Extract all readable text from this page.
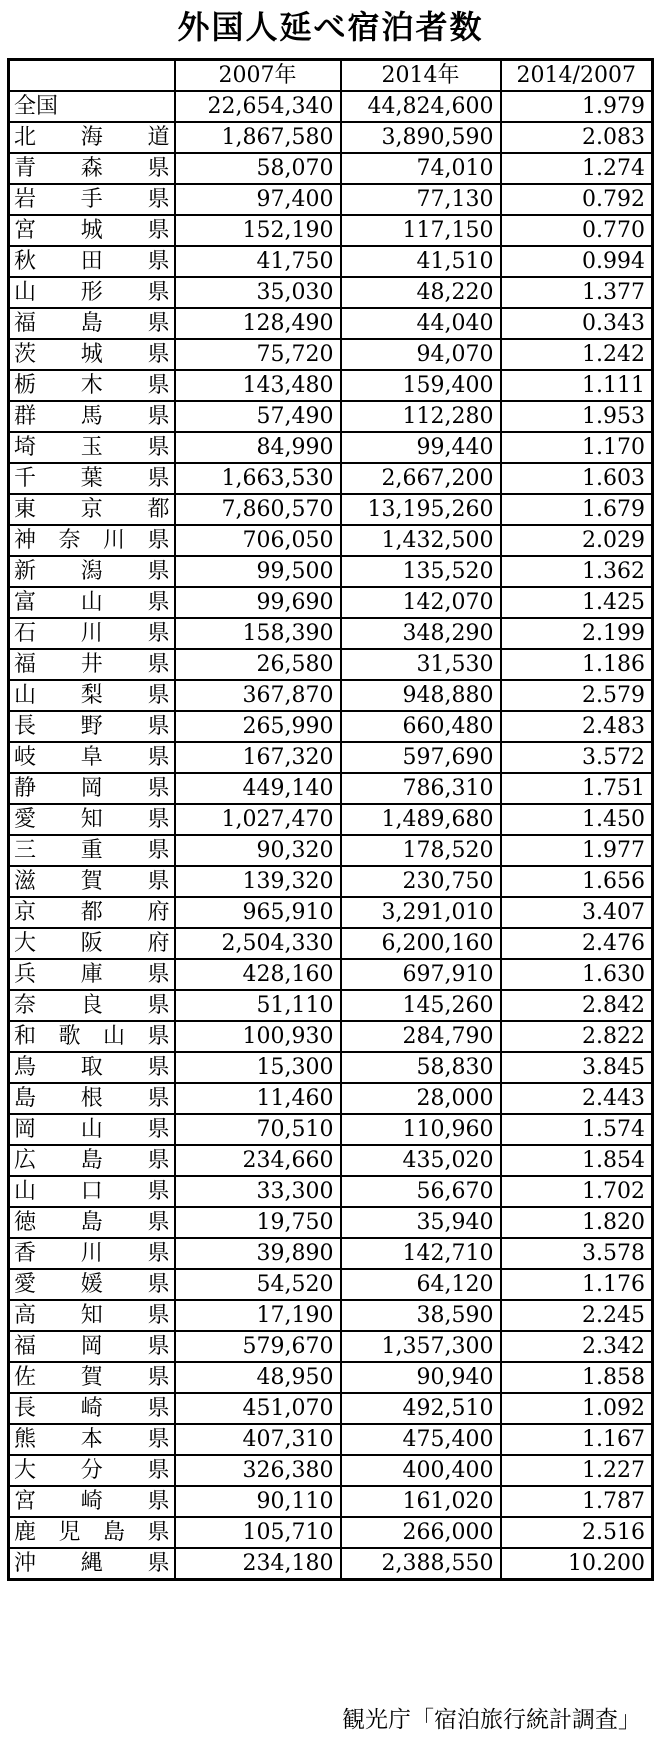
外国人延べ宿泊者数
	2007年	2014年	2014/2007
全国	22,654,340	44,824,600	1.979

北 海 道	1,867,580	3,890,590	2.083

青 森 県	58,070	74,010	1.274

岩 手 県	97,400	77,130	0.792

宮 城 県	152,190	117,150	0.770

秋 田 県	41,750	41,510	0.994

山 形 県	35,030	48,220	1.377

福 島 県	128,490	44,040	0.343

茨 城 県	75,720	94,070	1.242

栃 木 県	143,480	159,400	1.111

群 馬 県	57,490	112,280	1.953

埼 玉 県	84,990	99,440	1.170

千 葉 県	1,663,530	2,667,200	1.603

東 京 都	7,860,570	13,195,260	1.679

神 奈 川 県	706,050	1,432,500	2.029

新 潟 県	99,500	135,520	1.362

富 山 県	99,690	142,070	1.425

石 川 県	158,390	348,290	2.199

福 井 県	26,580	31,530	1.186

山 梨 県	367,870	948,880	2.579

長 野 県	265,990	660,480	2.483

岐 阜 県	167,320	597,690	3.572

静 岡 県	449,140	786,310	1.751

愛 知 県	1,027,470	1,489,680	1.450

三 重 県	90,320	178,520	1.977

滋 賀 県	139,320	230,750	1.656

京 都 府	965,910	3,291,010	3.407

大 阪 府	2,504,330	6,200,160	2.476

兵 庫 県	428,160	697,910	1.630

奈 良 県	51,110	145,260	2.842

和 歌 山 県	100,930	284,790	2.822

鳥 取 県	15,300	58,830	3.845

島 根 県	11,460	28,000	2.443

岡 山 県	70,510	110,960	1.574

広 島 県	234,660	435,020	1.854

山 口 県	33,300	56,670	1.702

徳 島 県	19,750	35,940	1.820

香 川 県	39,890	142,710	3.578

愛 媛 県	54,520	64,120	1.176

高 知 県	17,190	38,590	2.245

福 岡 県	579,670	1,357,300	2.342

佐 賀 県	48,950	90,940	1.858

長 崎 県	451,070	492,510	1.092

熊 本 県	407,310	475,400	1.167

大 分 県	326,380	400,400	1.227

宮 崎 県	90,110	161,020	1.787

鹿 児 島 県	105,710	266,000	2.516

沖 縄 県	234,180	2,388,550	10.200
観光庁「宿泊旅行統計調査」
